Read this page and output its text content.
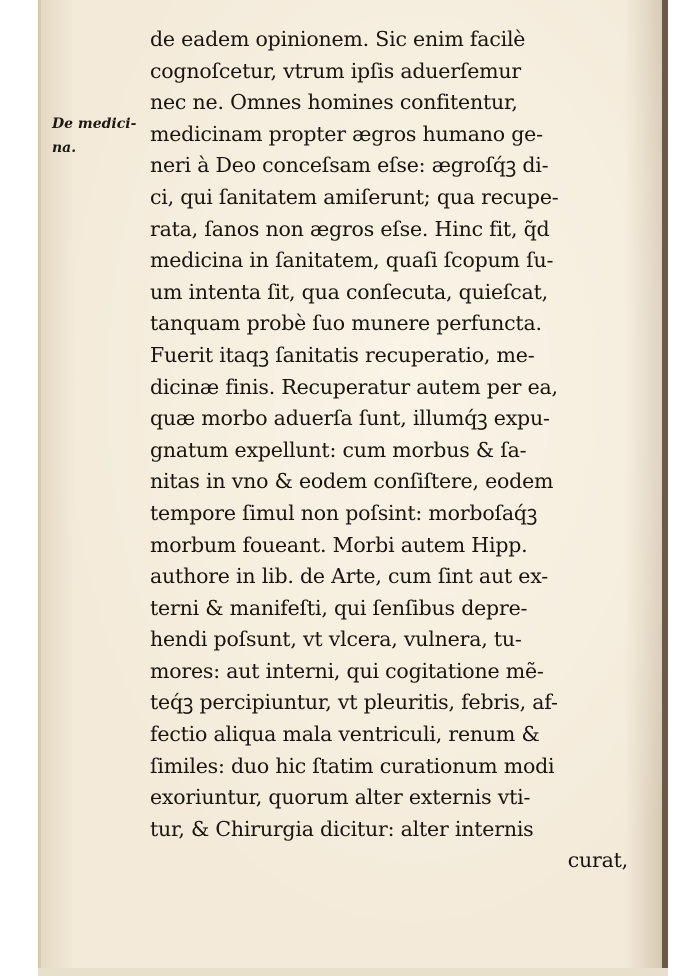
De medici-
na.
de eadem opinionem. Sic enim facilè
cognoſcetur, vtrum ipſis aduerſemur
nec ne. Omnes homines confitentur,
medicinam propter ægros humano ge-
neri à Deo conceſsam eſse: ægroſq́ꝫ di-
ci, qui ſanitatem amiſerunt; qua recupe-
rata, ſanos non ægros eſse. Hinc fit, q̃d
medicina in ſanitatem, quaſi ſcopum ſu-
um intenta ſit, qua conſecuta, quieſcat,
tanquam probè ſuo munere perfuncta.
Fuerit itaqꝫ ſanitatis recuperatio, me-
dicinæ finis. Recuperatur autem per ea,
quæ morbo aduerſa ſunt, illumq́ꝫ expu-
gnatum expellunt: cum morbus & ſa-
nitas in vno & eodem conſiſtere, eodem
tempore ſimul non poſsint: morboſaq́ꝫ
morbum foueant. Morbi autem Hipp.
authore in lib. de Arte, cum ſint aut ex-
terni & manifeſti, qui ſenſibus depre-
hendi poſsunt, vt vlcera, vulnera, tu-
mores: aut interni, qui cogitatione mẽ-
teq́ꝫ percipiuntur, vt pleuritis, febris, af-
fectio aliqua mala ventriculi, renum &
ſimiles: duo hic ſtatim curationum modi
exoriuntur, quorum alter externis vti-
tur, & Chirurgia dicitur: alter internis
curat,
